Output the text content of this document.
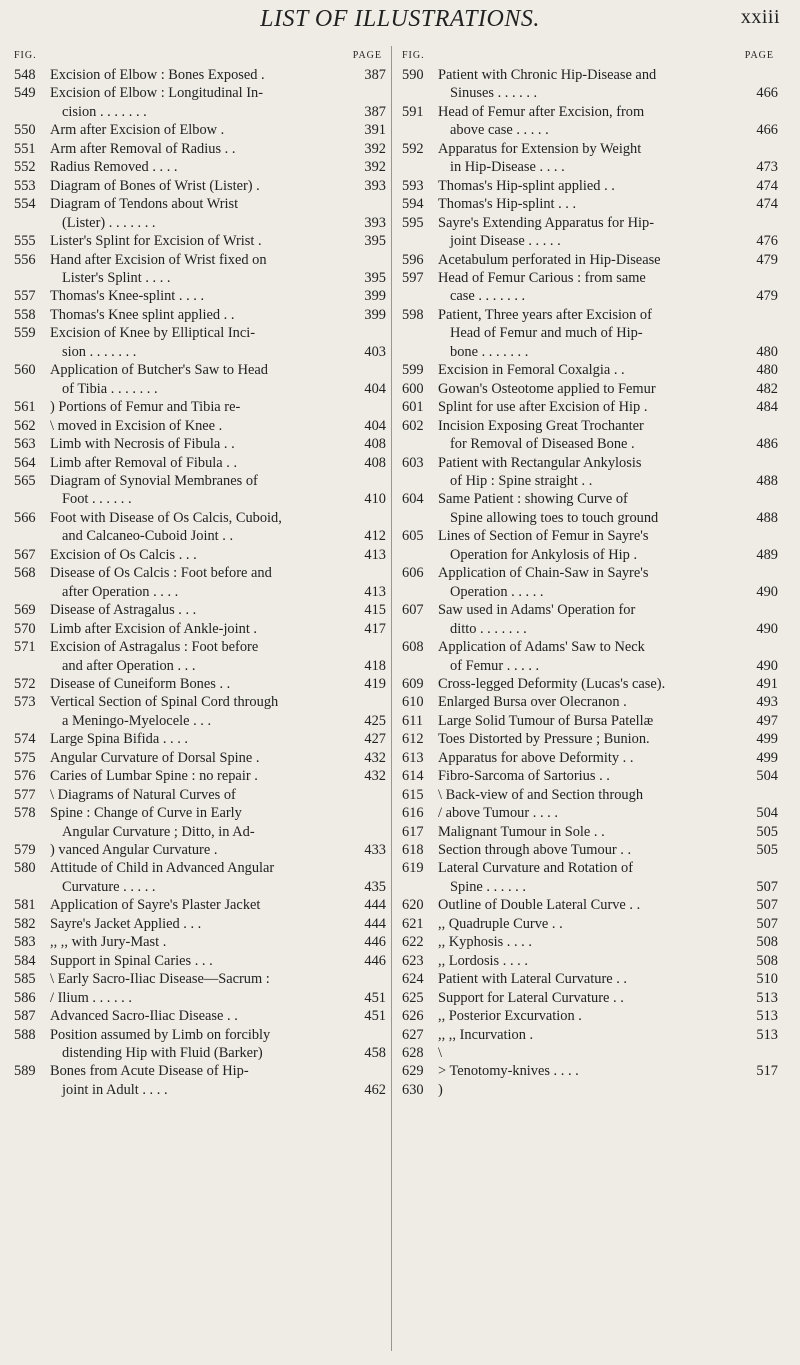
LIST OF ILLUSTRATIONS.	xxiii
FIG.	PAGE
548	Excision of Elbow : Bones Exposed .	387
549	Excision of Elbow : Longitudinal In-
cision . . . . . . .	387
550	Arm after Excision of Elbow .	391
551	Arm after Removal of Radius . .	392
552	Radius Removed . . . .	392
553	Diagram of Bones of Wrist (Lister) .	393
554	Diagram of Tendons about Wrist
(Lister) . . . . . . .	393
555	Lister's Splint for Excision of Wrist .	395
556	Hand after Excision of Wrist fixed on
Lister's Splint . . . .	395
557	Thomas's Knee-splint . . . .	399
558	Thomas's Knee splint applied . .	399
559	Excision of Knee by Elliptical Inci-
sion . . . . . . .	403
560	Application of Butcher's Saw to Head
of Tibia . . . . . . .	404
561	) Portions of Femur and Tibia re-
562	\ moved in Excision of Knee .	404
563	Limb with Necrosis of Fibula . .	408
564	Limb after Removal of Fibula . .	408
565	Diagram of Synovial Membranes of
Foot . . . . . .	410
566	Foot with Disease of Os Calcis, Cuboid,
and Calcaneo-Cuboid Joint . .	412
567	Excision of Os Calcis . . .	413
568	Disease of Os Calcis : Foot before and
after Operation . . . .	413
569	Disease of Astragalus . . .	415
570	Limb after Excision of Ankle-joint .	417
571	Excision of Astragalus : Foot before
and after Operation . . .	418
572	Disease of Cuneiform Bones . .	419
573	Vertical Section of Spinal Cord through
a Meningo-Myelocele . . .	425
574	Large Spina Bifida . . . .	427
575	Angular Curvature of Dorsal Spine .	432
576	Caries of Lumbar Spine : no repair .	432
577	\ Diagrams of Natural Curves of
578	Spine : Change of Curve in Early
Angular Curvature ; Ditto, in Ad-
579	) vanced Angular Curvature .	433
580	Attitude of Child in Advanced Angular
Curvature . . . . .	435
581	Application of Sayre's Plaster Jacket	444
582	Sayre's Jacket Applied . . .	444
583	,, ,, with Jury-Mast .	446
584	Support in Spinal Caries . . .	446
585	\ Early Sacro-Iliac Disease—Sacrum :
586	/ Ilium . . . . . .	451
587	Advanced Sacro-Iliac Disease . .	451
588	Position assumed by Limb on forcibly
distending Hip with Fluid (Barker)	458
589	Bones from Acute Disease of Hip-
joint in Adult . . . .	462
FIG.	PAGE
590	Patient with Chronic Hip-Disease and
Sinuses . . . . . .	466
591	Head of Femur after Excision, from
above case . . . . .	466
592	Apparatus for Extension by Weight
in Hip-Disease . . . .	473
593	Thomas's Hip-splint applied . .	474
594	Thomas's Hip-splint . . .	474
595	Sayre's Extending Apparatus for Hip-
joint Disease . . . . .	476
596	Acetabulum perforated in Hip-Disease	479
597	Head of Femur Carious : from same
case . . . . . . .	479
598	Patient, Three years after Excision of
Head of Femur and much of Hip-
bone . . . . . . .	480
599	Excision in Femoral Coxalgia . .	480
600	Gowan's Osteotome applied to Femur	482
601	Splint for use after Excision of Hip .	484
602	Incision Exposing Great Trochanter
for Removal of Diseased Bone .	486
603	Patient with Rectangular Ankylosis
of Hip : Spine straight . .	488
604	Same Patient : showing Curve of
Spine allowing toes to touch ground	488
605	Lines of Section of Femur in Sayre's
Operation for Ankylosis of Hip .	489
606	Application of Chain-Saw in Sayre's
Operation . . . . .	490
607	Saw used in Adams' Operation for
ditto . . . . . . .	490
608	Application of Adams' Saw to Neck
of Femur . . . . .	490
609	Cross-legged Deformity (Lucas's case).	491
610	Enlarged Bursa over Olecranon .	493
611	Large Solid Tumour of Bursa Patellæ	497
612	Toes Distorted by Pressure ; Bunion.	499
613	Apparatus for above Deformity . .	499
614	Fibro-Sarcoma of Sartorius . .	504
615	\ Back-view of and Section through
616	/ above Tumour . . . .	504
617	Malignant Tumour in Sole . .	505
618	Section through above Tumour . .	505
619	Lateral Curvature and Rotation of
Spine . . . . . .	507
620	Outline of Double Lateral Curve . .	507
621	,, Quadruple Curve . .	507
622	,, Kyphosis . . . .	508
623	,, Lordosis . . . .	508
624	Patient with Lateral Curvature . .	510
625	Support for Lateral Curvature . .	513
626	,, Posterior Excurvation .	513
627	,, ,, Incurvation .	513
628	\
629	> Tenotomy-knives . . . .	517
630	)
